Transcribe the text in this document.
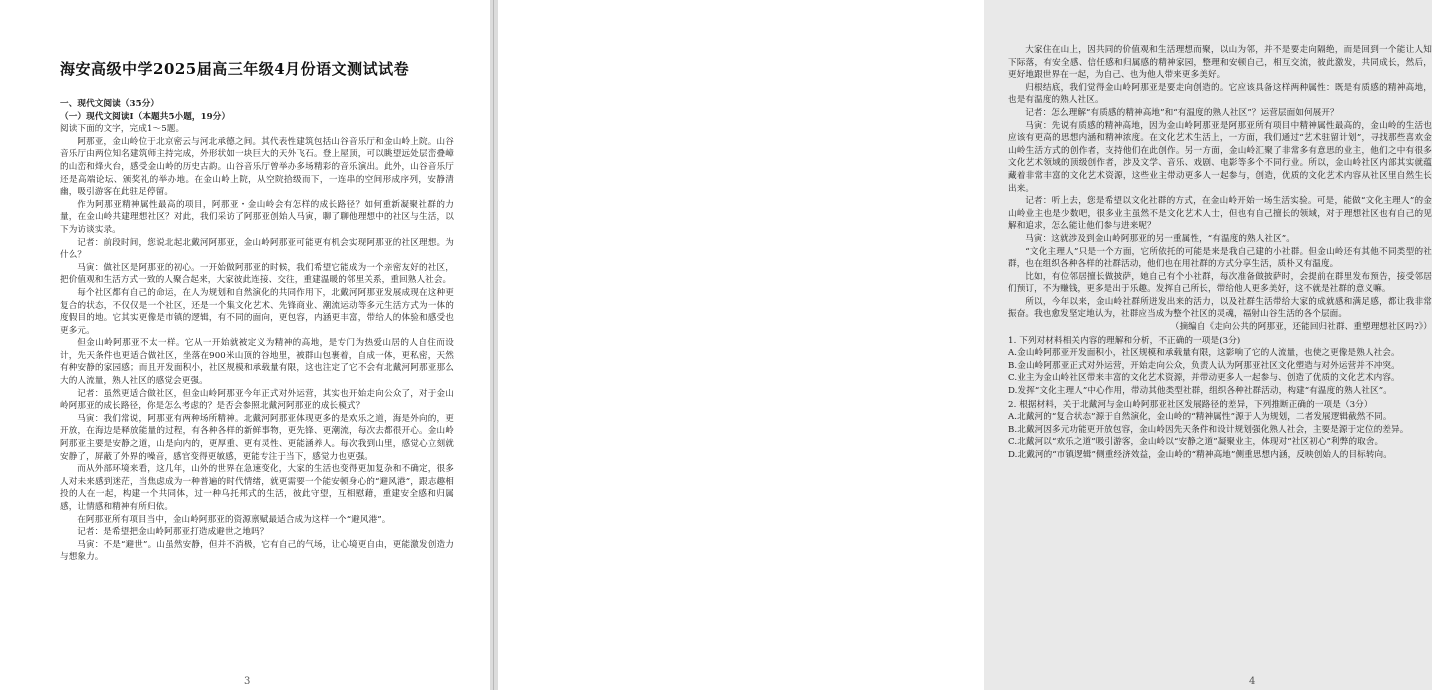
海安高级中学2025届高三年级4月份语文测试试卷

一、现代文阅读（35分）

（一）现代文阅读Ⅰ（本题共5小题，19分）

阅读下面的文字，完成1～5题。

阿那亚，金山岭位于北京密云与河北承德之间。其代表性建筑包括山谷音乐厅和金山岭上院。山谷音乐厅由两位知名建筑师主持完成，外形状如一块巨大的天外飞石。登上屋顶，可以眺望远处层峦叠嶂的山峦和烽火台，感受金山岭的历史古韵。山谷音乐厅曾举办多场精彩的音乐演出。此外，山谷音乐厅还是高端论坛、颁奖礼的举办地。在金山岭上院，从空院拾级而下，一连串的空间形成序列，安静清幽，吸引游客在此驻足停留。

作为阿那亚精神属性最高的项目，阿那亚・金山岭会有怎样的成长路径？如何重新凝聚社群的力量，在金山岭共建理想社区？对此，我们采访了阿那亚创始人马寅，聊了聊他理想中的社区与生活，以下为访谈实录。

记者：前段时间，您说北起北戴河阿那亚，金山岭阿那亚可能更有机会实现阿那亚的社区理想。为什么？

马寅：做社区是阿那亚的初心。一开始做阿那亚的时候，我们希望它能成为一个亲密友好的社区，把价值观和生活方式一致的人聚合起来，大家彼此连接、交往，重建温暖的邻里关系，重回熟人社会。

每个社区都有自己的命运，在人为规划和自然演化的共同作用下，北戴河阿那亚发展成现在这种更复合的状态，不仅仅是一个社区，还是一个集文化艺术、先锋商业、潮流运动等多元生活方式为一体的度假目的地。它其实更像是市镇的逻辑，有不同的面向，更包容，内涵更丰富，带给人的体验和感受也更多元。

但金山岭阿那亚不太一样。它从一开始就被定义为精神的高地，是专门为热爱山居的人自住而设计，先天条件也更适合做社区，坐落在900米山顶的谷地里，被群山包裹着，自成一体，更私密，天然有种安静的家园感；而且开发面积小，社区规模和承载量有限，这也注定了它不会有北戴河阿那亚那么大的人流量，熟人社区的感觉会更强。

记者：虽然更适合做社区，但金山岭阿那亚今年正式对外运营，其实也开始走向公众了，对于金山岭阿那亚的成长路径，你是怎么考虑的？是否会参照北戴河阿那亚的成长模式？

马寅：我们常说，阿那亚有两种场所精神。北戴河阿那亚体现更多的是欢乐之道，海是外向的，更开放，在海边是释放能量的过程，有各种各样的新鲜事物，更先锋、更潮流，每次去都很开心。金山岭阿那亚主要是安静之道，山是向内的，更厚重、更有灵性、更能涵养人。每次我到山里，感觉心立刻就安静了，屏蔽了外界的噪音，感官变得更敏感，更能专注于当下，感觉力也更强。

而从外部环境来看，这几年，山外的世界在急速变化，大家的生活也变得更加复杂和不确定，很多人对未来感到迷茫，当焦虑成为一种普遍的时代情绪，就更需要一个能安顿身心的“避风港”，跟志趣相投的人在一起，构建一个共同体，过一种乌托邦式的生活，彼此守望，互相慰藉，重建安全感和归属感，让情感和精神有所归依。

在阿那亚所有项目当中，金山岭阿那亚的资源禀赋最适合成为这样一个“避风港”。

记者：是希望把金山岭阿那亚打造成避世之地吗？

马寅：不是“避世”。山虽然安静，但并不消极，它有自己的气场，让心境更自由，更能激发创造力与想象力。

3

大家住在山上，因共同的价值观和生活理想而聚，以山为邻，并不是要走向隔绝，而是回到一个能让人知下际落，有安全感、信任感和归属感的精神家园，整理和安顿自己，相互交流，彼此激发，共同成长，然后，更好地跟世界在一起，为自己、也为他人带来更多美好。

归根结底，我们觉得金山岭阿那亚是要走向创造的。它应该具备这样两种属性：既是有质感的精神高地，也是有温度的熟人社区。

记者：怎么理解“有质感的精神高地”和“有温度的熟人社区”？运营层面如何展开？

马寅：先说有质感的精神高地，因为金山岭阿那亚是阿那亚所有项目中精神属性最高的，金山岭的生活也应该有更高的思想内涵和精神浓度。在文化艺术生活上，一方面，我们通过“艺术驻留计划”，寻找那些喜欢金山岭生活方式的创作者，支持他们在此创作。另一方面，金山岭汇聚了非常多有意思的业主，他们之中有很多文化艺术领域的顶级创作者，涉及文学、音乐、戏剧、电影等多个不同行业。所以，金山岭社区内部其实就蕴藏着非常丰富的文化艺术资源，这些业主带动更多人一起参与，创造，优质的文化艺术内容从社区里自然生长出来。

记者：听上去，您是希望以文化社群的方式，在金山岭开始一场生活实验。可是，能做“文化主理人”的金山岭业主也是少数吧，很多业主虽然不是文化艺术人士，但也有自己擅长的领域，对于理想社区也有自己的见解和追求，怎么能让他们参与进来呢？

马寅：这就涉及到金山岭阿那亚的另一重属性，“有温度的熟人社区”。

“文化主理人”只是一个方面，它所依托的可能是来是我自己建的小社群。但金山岭还有其他不同类型的社群，也在组织各种各样的社群活动，他们也在用社群的方式分享生活，质朴又有温度。

比如，有位邻居擅长做披萨，她自己有个小社群，每次准备做披萨时，会提前在群里发布预告，接受邻居们预订，不为赚钱，更多是出于乐趣。发挥自己所长，带给他人更多美好，这不就是社群的意义嘛。

所以，今年以来，金山岭社群所迸发出来的活力，以及社群生活带给大家的成就感和满足感，都让我非常振奋。我也愈发坚定地认为，社群应当成为整个社区的灵魂，福射山谷生活的各个层面。

（摘编自《走向公共的阿那亚，还能回归社群、重塑理想社区吗?》）

1. 下列对材料相关内容的理解和分析，不正确的一项是(3分)

A.金山岭阿那亚开发面积小，社区规模和承载量有限，这影响了它的人流量，也使之更像是熟人社会。

B.金山岭阿那亚正式对外运营，开始走向公众，负责人认为阿那亚社区文化塑造与对外运营并不冲突。

C.业主为金山岭社区带来丰富的文化艺术资源，并带动更多人一起参与、创造了优质的文化艺术内容。

D.发挥“文化主理人”中心作用，带动其他类型社群，组织各种社群活动，构建“有温度的熟人社区”。

2. 根据材料，关于北戴河与金山岭阿那亚社区发展路径的差异，下列推断正确的一项是（3分）

A.北戴河的“复合状态”源于自然演化，金山岭的“精神属性”源于人为规划，二者发展逻辑截然不同。

B.北戴河因多元功能更开放包容，金山岭因先天条件和设计规划强化熟人社会，主要是源于定位的差异。

C.北戴河以“欢乐之道”吸引游客，金山岭以“安静之道”凝聚业主，体现对“社区初心”利弊的取舍。

D.北戴河的“市镇逻辑”侧重经济效益，金山岭的“精神高地”侧重思想内涵，反映创始人的目标转向。

4
